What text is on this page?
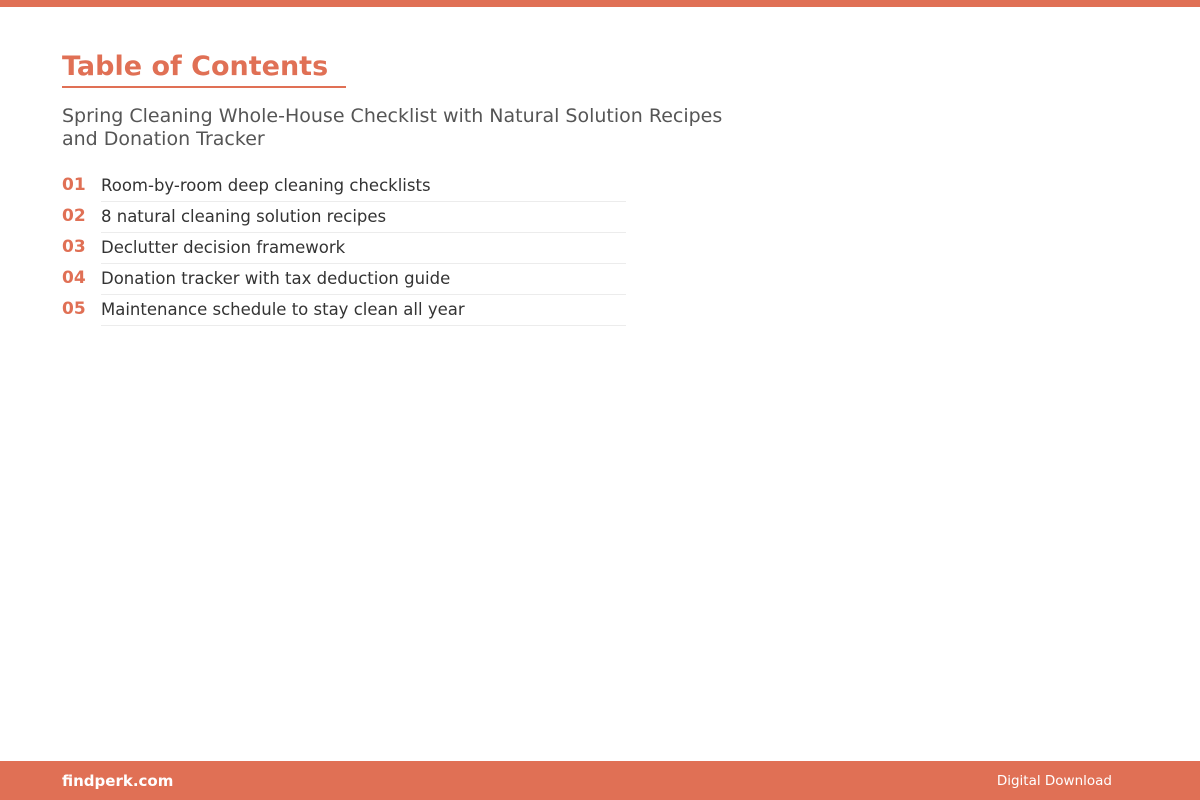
Table of Contents
Spring Cleaning Whole-House Checklist with Natural Solution Recipes and Donation Tracker
01 Room-by-room deep cleaning checklists
02 8 natural cleaning solution recipes
03 Declutter decision framework
04 Donation tracker with tax deduction guide
05 Maintenance schedule to stay clean all year
findperk.com	Digital Download
